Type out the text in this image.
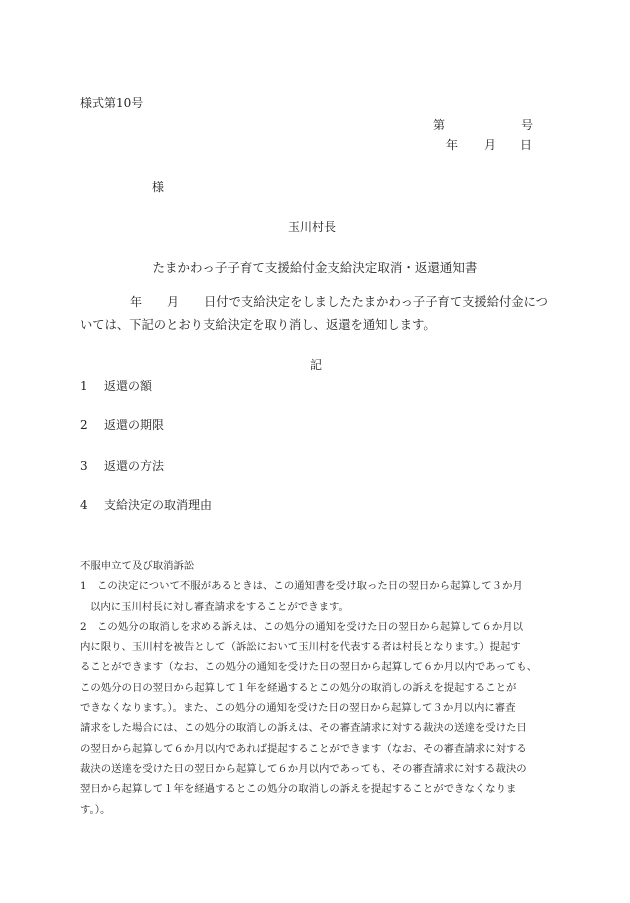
様式第10号
第	号
年 月 日
様
玉川村長
たまかわっ子子育て支援給付金支給決定取消・返還通知書
年 月 日付で支給決定をしましたたまかわっ子子育て支援給付金につ
いては、下記のとおり支給決定を取り消し、返還を通知します。
記
1 返還の額
2 返還の期限
3 返還の方法
4 支給決定の取消理由
不服申立て及び取消訴訟
1　この決定について不服があるときは、この通知書を受け取った日の翌日から起算して３か月
以内に玉川村長に対し審査請求をすることができます。
2　この処分の取消しを求める訴えは、この処分の通知を受けた日の翌日から起算して６か月以
内に限り、玉川村を被告として（訴訟において玉川村を代表する者は村長となります。）提起す
ることができます（なお、この処分の通知を受けた日の翌日から起算して６か月以内であっても、
この処分の日の翌日から起算して１年を経過するとこの処分の取消しの訴えを提起することが
できなくなります。）。また、この処分の通知を受けた日の翌日から起算して３か月以内に審査
請求をした場合には、この処分の取消しの訴えは、その審査請求に対する裁決の送達を受けた日
の翌日から起算して６か月以内であれば提起することができます（なお、その審査請求に対する
裁決の送達を受けた日の翌日から起算して６か月以内であっても、その審査請求に対する裁決の
翌日から起算して１年を経過するとこの処分の取消しの訴えを提起することができなくなりま
す。）。
